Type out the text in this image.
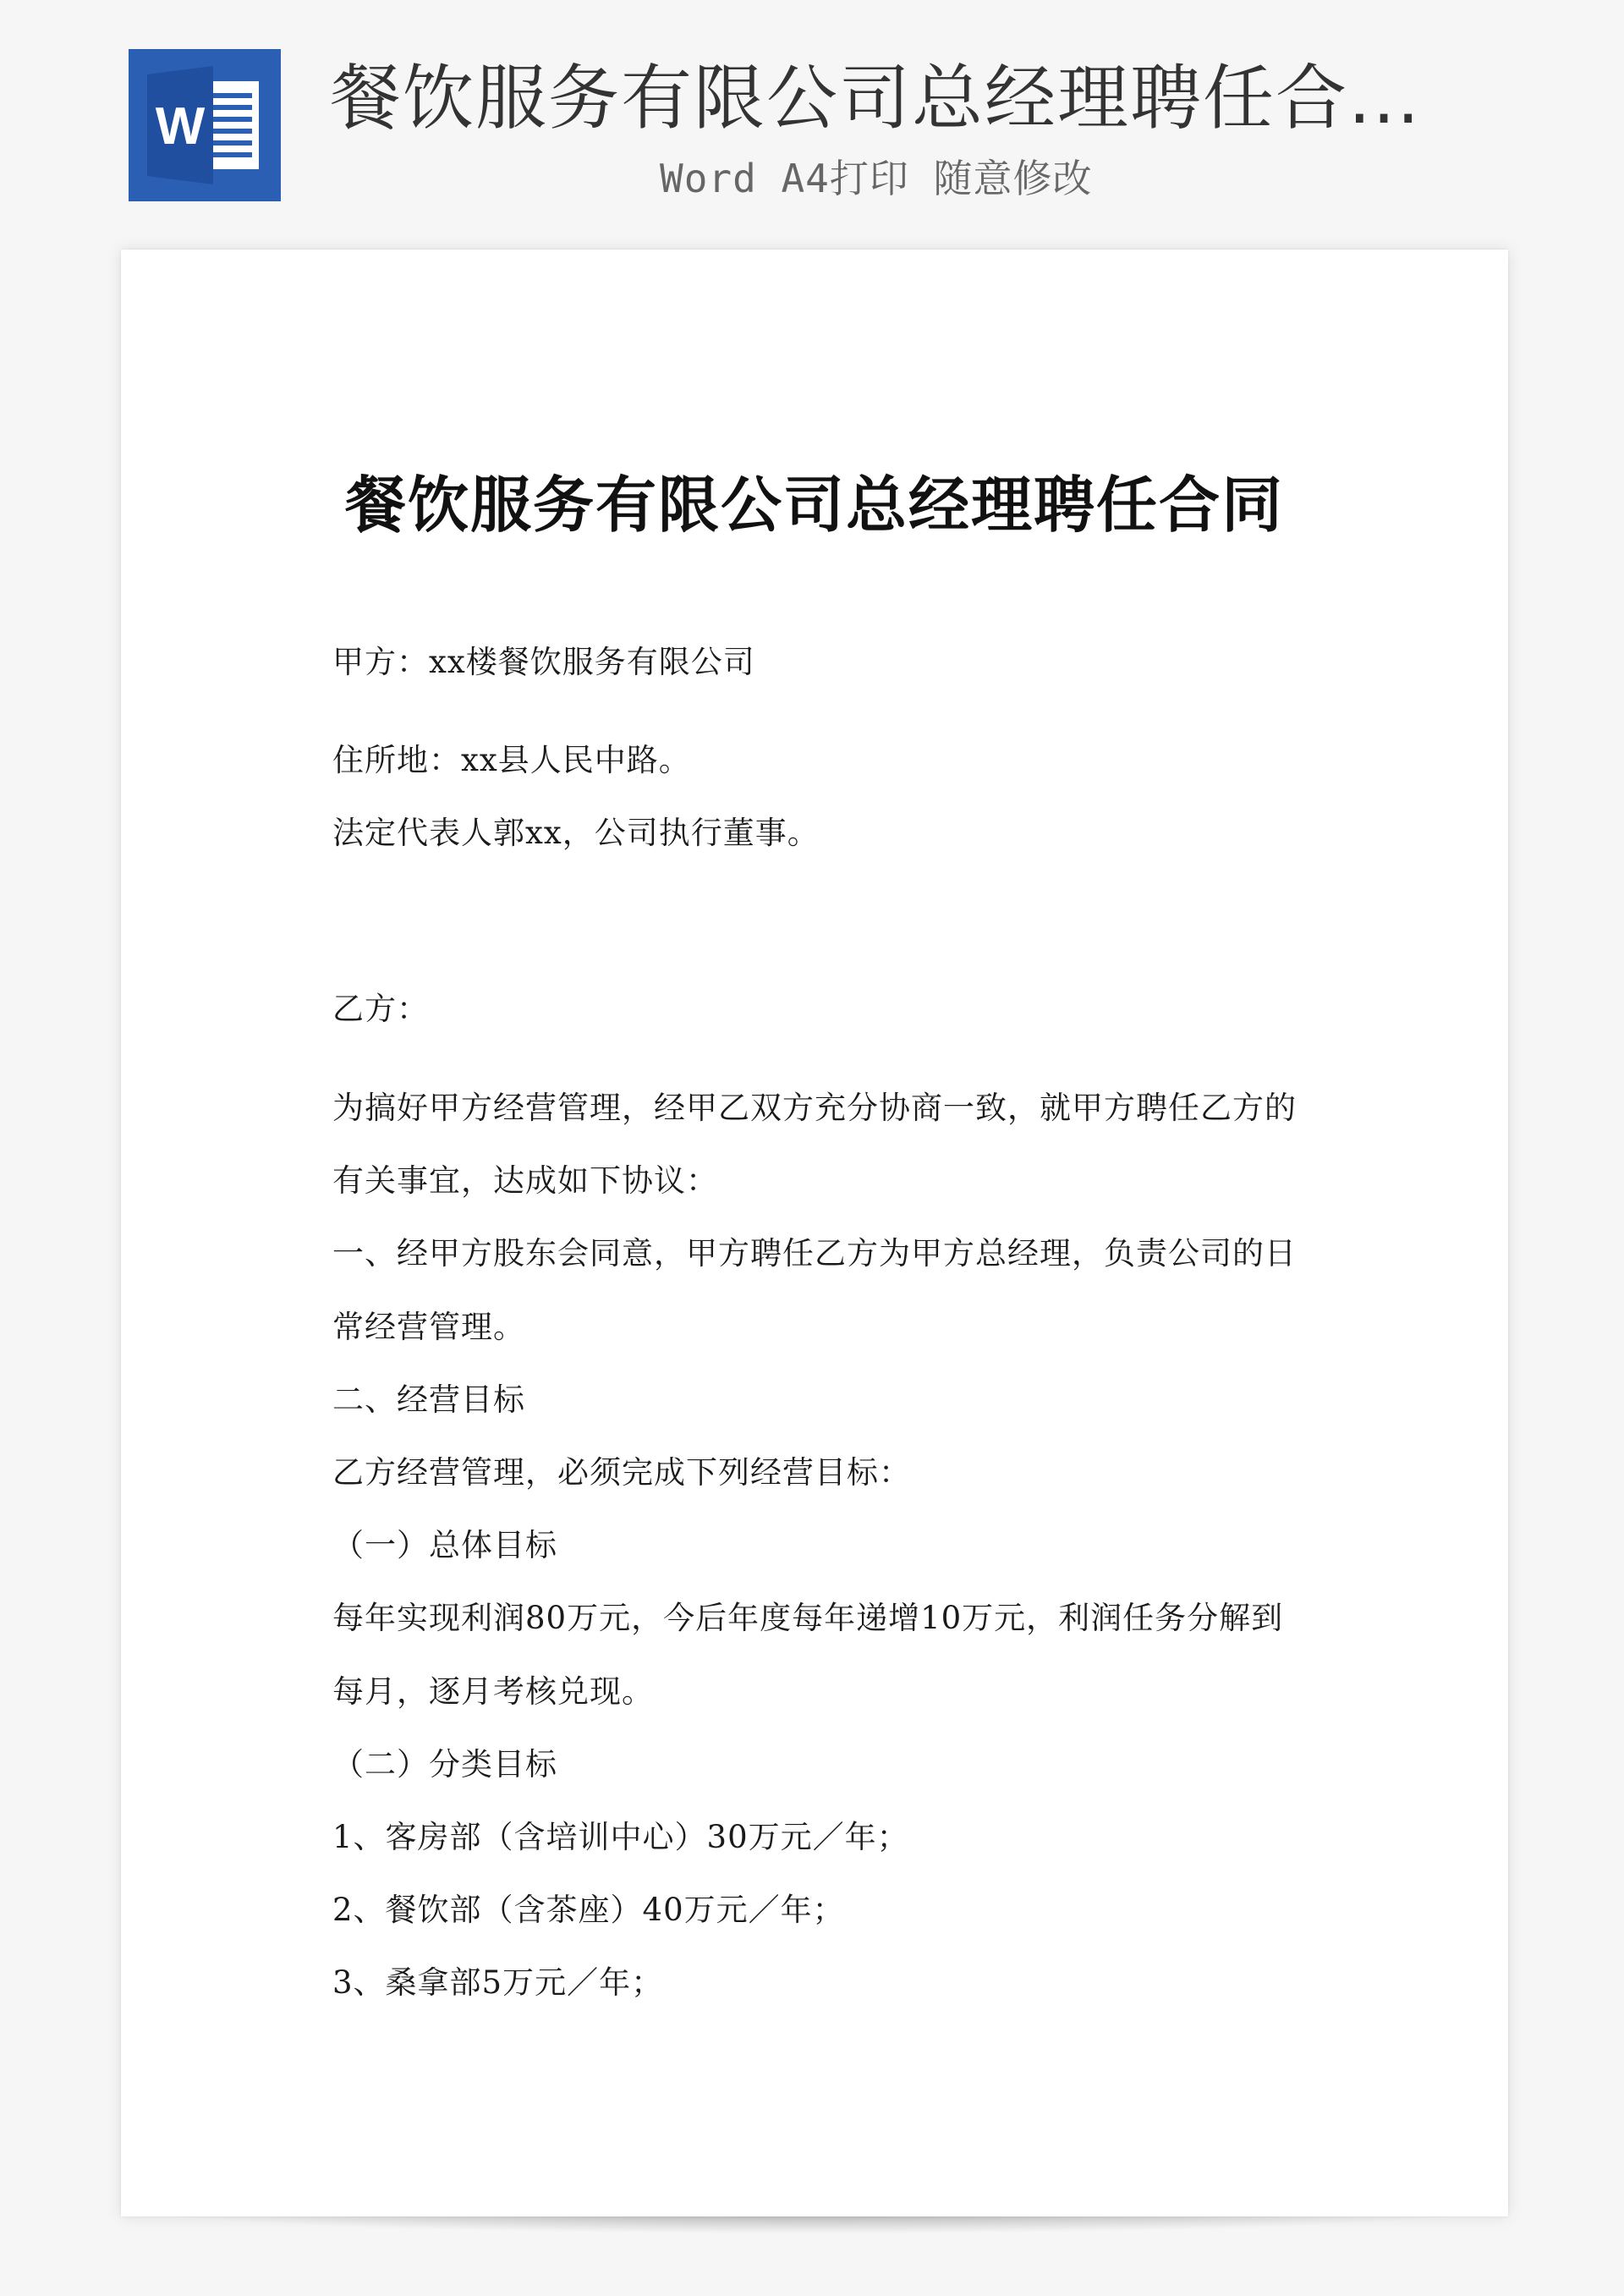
W 餐饮服务有限公司总经理聘任合...
Word A4打印 随意修改
餐饮服务有限公司总经理聘任合同
甲方：xx楼餐饮服务有限公司
住所地：xx县人民中路。
法定代表人郭xx，公司执行董事。
乙方：
为搞好甲方经营管理，经甲乙双方充分协商一致，就甲方聘任乙方的
有关事宜，达成如下协议：
一、经甲方股东会同意，甲方聘任乙方为甲方总经理，负责公司的日
常经营管理。
二、经营目标
乙方经营管理，必须完成下列经营目标：
（一）总体目标
每年实现利润80万元，今后年度每年递增10万元，利润任务分解到
每月，逐月考核兑现。
（二）分类目标
1、客房部（含培训中心）30万元／年；
2、餐饮部（含茶座）40万元／年；
3、桑拿部5万元／年；
